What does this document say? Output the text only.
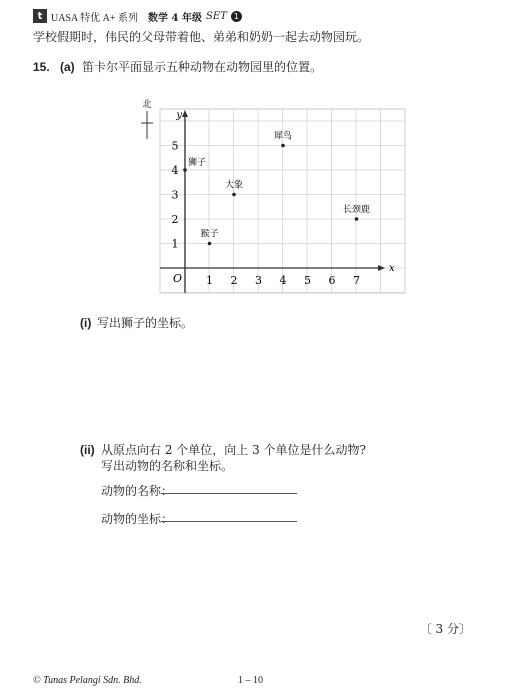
t UASA 特优 A+ 系列 数学 4 年级 SET 1
学校假期时，伟民的父母带着他、弟弟和奶奶一起去动物园玩。
15. (a) 笛卡尔平面显示五种动物在动物园里的位置。
y
x
O
北
1 2 3 4 5 6 7
1
2
3
4
5
狮子
犀鸟
大象
长颈鹿
猴子
(i) 写出狮子的坐标。
(ii) 从原点向右 2 个单位，向上 3 个单位是什么动物?
写出动物的名称和坐标。
动物的名称：
动物的坐标：
〔 3 分〕
© Tunas Pelangi Sdn. Bhd.	1 – 10
